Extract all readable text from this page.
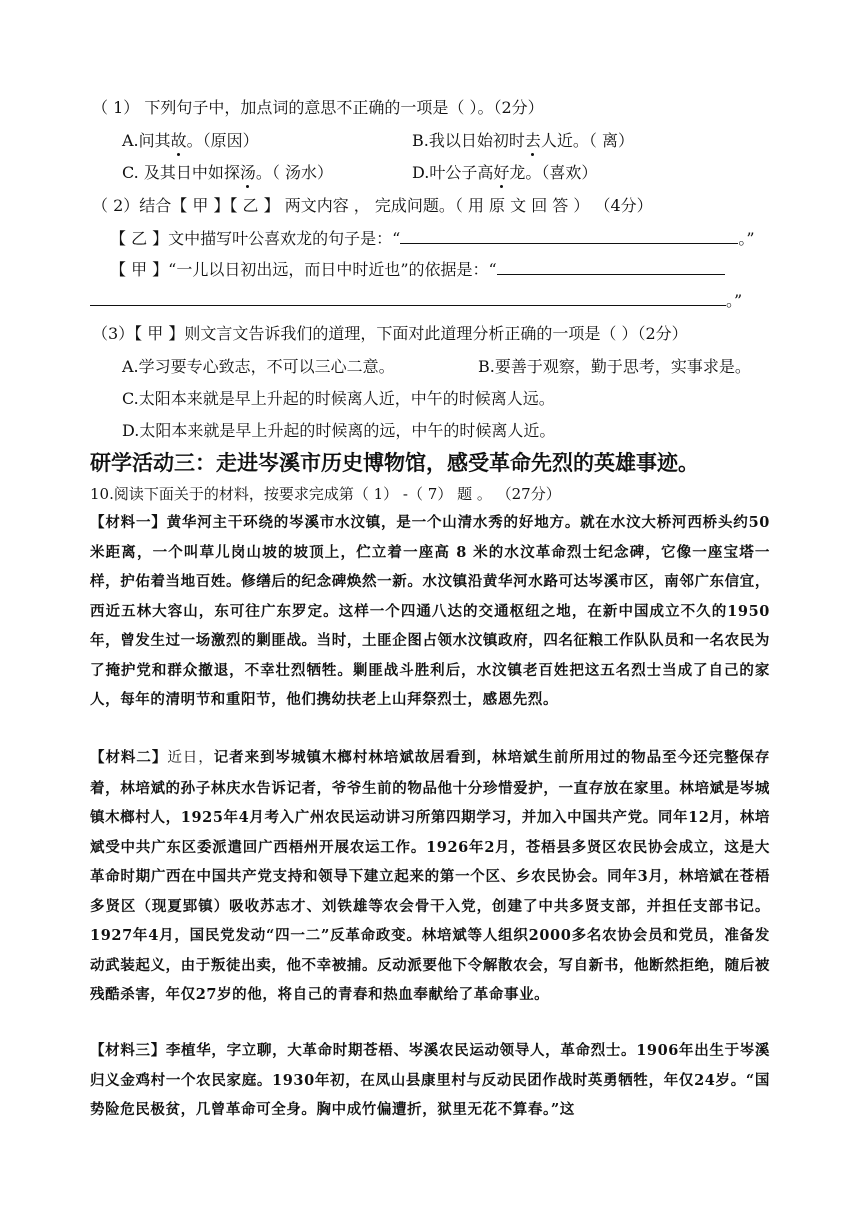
（ 1） 下列句子中，加点词的意思不正确的一项是（ ）。（2分）
A.问其故。（原因）	B.我以日始初时去人近。（ 离）
C. 及其日中如探汤。（ 汤水）	D.叶公子高好龙。（喜欢）
（ 2）结合【 甲 】【 乙 】 两文内容 ， 完成问题。（ 用 原 文 回 答 ） （4分）
【 乙 】文中描写叶公喜欢龙的句子是：“	。”
【 甲 】“一儿以日初出远，而日中时近也”的依据是：“
。”
（3）【 甲 】则文言文告诉我们的道理，下面对此道理分析正确的一项是（ ）（2分）
A.学习要专心致志，不可以三心二意。	B.要善于观察，勤于思考，实事求是。
C.太阳本来就是早上升起的时候离人近，中午的时候离人远。
D.太阳本来就是早上升起的时候离的远，中午的时候离人近。
研学活动三：走进岑溪市历史博物馆，感受革命先烈的英雄事迹。
10.阅读下面关于的材料，按要求完成第（ 1） -（ 7） 题 。 （27分）
【材料一】黄华河主干环绕的岑溪市水汶镇，是一个山清水秀的好地方。就在水汶大桥河西桥头约50米距离，一个叫草儿岗山坡的坡顶上，伫立着一座高 8 米的水汶革命烈士纪念碑，它像一座宝塔一样，护佑着当地百姓。修缮后的纪念碑焕然一新。水汶镇沿黄华河水路可达岑溪市区，南邻广东信宜，西近五林大容山，东可往广东罗定。这样一个四通八达的交通枢纽之地，在新中国成立不久的1950年，曾发生过一场激烈的剿匪战。当时，土匪企图占领水汶镇政府，四名征粮工作队队员和一名农民为了掩护党和群众撤退，不幸壮烈牺牲。剿匪战斗胜利后，水汶镇老百姓把这五名烈士当成了自己的家人，每年的清明节和重阳节，他们携幼扶老上山拜祭烈士，感恩先烈。
【材料二】近日，记者来到岑城镇木榔村林培斌故居看到，林培斌生前所用过的物品至今还完整保存着，林培斌的孙子林庆水告诉记者，爷爷生前的物品他十分珍惜爱护，一直存放在家里。林培斌是岑城镇木榔村人，1925年4月考入广州农民运动讲习所第四期学习，并加入中国共产党。同年12月，林培斌受中共广东区委派遣回广西梧州开展农运工作。1926年2月，苍梧县多贤区农民协会成立，这是大革命时期广西在中国共产党支持和领导下建立起来的第一个区、乡农民协会。同年3月，林培斌在苍梧多贤区（现夏郢镇）吸收苏志才、刘铁雄等农会骨干入党，创建了中共多贤支部，并担任支部书记。1927年4月，国民党发动“四一二”反革命政变。林培斌等人组织2000多名农协会员和党员，准备发动武装起义，由于叛徒出卖，他不幸被捕。反动派要他下令解散农会，写自新书，他断然拒绝，随后被残酷杀害，年仅27岁的他，将自己的青春和热血奉献给了革命事业。
【材料三】李植华，字立聊，大革命时期苍梧、岑溪农民运动领导人，革命烈士。1906年出生于岑溪归义金鸡村一个农民家庭。1930年初，在凤山县康里村与反动民团作战时英勇牺牲，年仅24岁。“国势险危民极贫，几曾革命可全身。胸中成竹偏遭折，狱里无花不算春。”这
